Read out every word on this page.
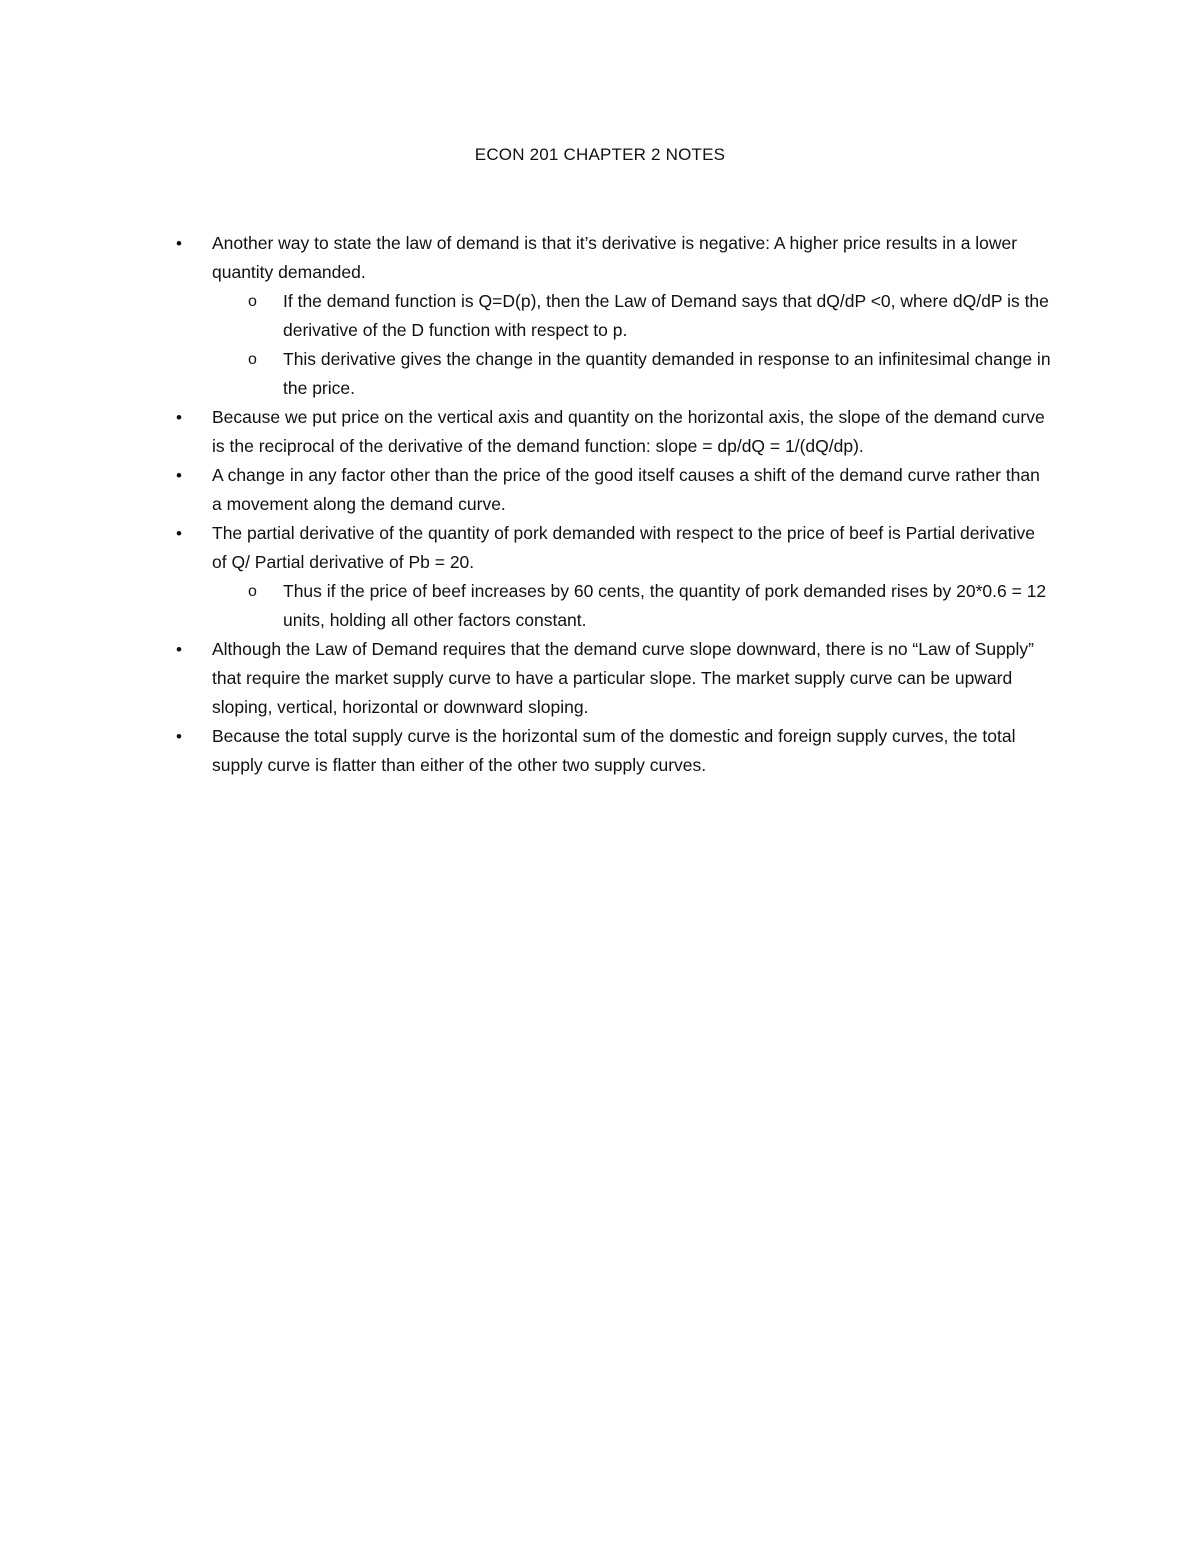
ECON 201 CHAPTER 2 NOTES
• Another way to state the law of demand is that it’s derivative is negative: A higher price results in a lower quantity demanded.
o If the demand function is Q=D(p), then the Law of Demand says that dQ/dP <0, where dQ/dP is the derivative of the D function with respect to p.
o This derivative gives the change in the quantity demanded in response to an infinitesimal change in the price.
• Because we put price on the vertical axis and quantity on the horizontal axis, the slope of the demand curve is the reciprocal of the derivative of the demand function: slope = dp/dQ = 1/(dQ/dp).
• A change in any factor other than the price of the good itself causes a shift of the demand curve rather than a movement along the demand curve.
• The partial derivative of the quantity of pork demanded with respect to the price of beef is Partial derivative of Q/ Partial derivative of Pb = 20.
o Thus if the price of beef increases by 60 cents, the quantity of pork demanded rises by 20*0.6 = 12 units, holding all other factors constant.
• Although the Law of Demand requires that the demand curve slope downward, there is no “Law of Supply” that require the market supply curve to have a particular slope. The market supply curve can be upward sloping, vertical, horizontal or downward sloping.
• Because the total supply curve is the horizontal sum of the domestic and foreign supply curves, the total supply curve is flatter than either of the other two supply curves.
